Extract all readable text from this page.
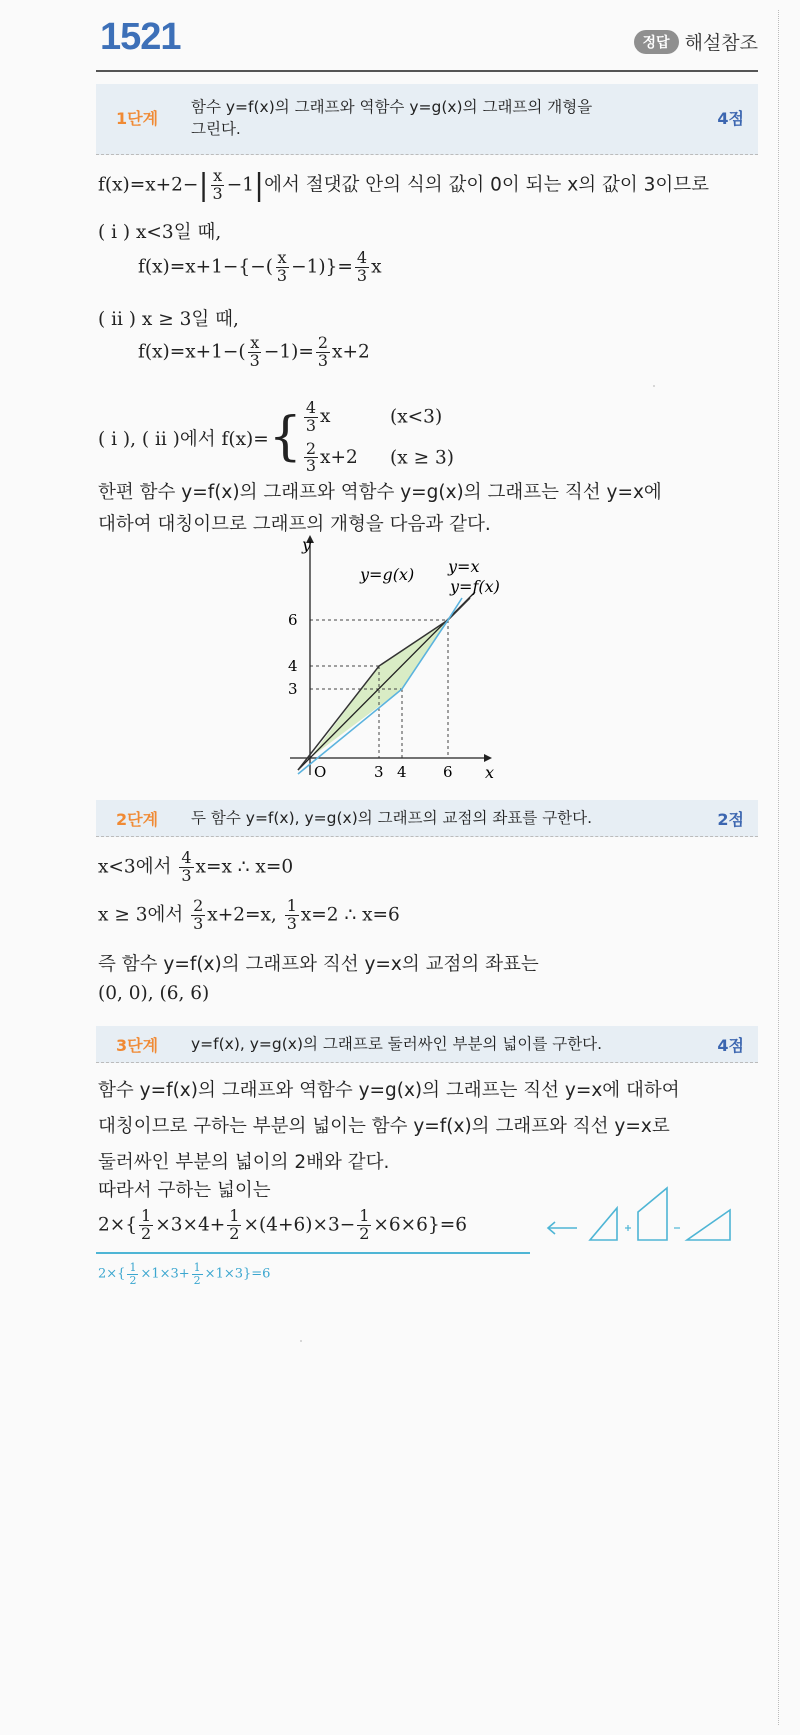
1521	정답 해설참조
1단계
함수 y=f(x)의 그래프와 역함수 y=g(x)의 그래프의 개형을
그린다.
4점
$f(x)=x+2-| \frac{x}{3} -1|$에서 절댓값 안의 식의 값이 0이 되는 x의 값이 3이므로
( i ) x<3일 때,
$f(x)=x+1-\{-( \frac{x}{3} -1)\}= \frac{4}{3}$ x
( ii ) x ≥ 3일 때,
$f(x)=x+1-( \frac{x}{3} -1)= \frac{2}{3} x+2$
( i ), ( ii )에서 $f(x)=\{ \frac{4}{3}$ x	(x<3)
$\frac{2}{3} x+2$ (x ≥ 3)
한편 함수 y=f(x)의 그래프와 역함수 y=g(x)의 그래프는 직선 y=x에
대하여 대칭이므로 그래프의 개형을 다음과 같다.
y
x
O
6
4
3
3 4 6
y=g(x) y=x
y=f(x)
2단계 두 함수 y=f(x), y=g(x)의 그래프의 교점의 좌표를 구한다.	2점
x<3에서 $\frac{4}{3} x=x$ ∴ x=0
x ≥ 3에서 $\frac{2}{3} x+2=x$, $\frac{1}{3} x=2$ ∴ x=6
즉 함수 y=f(x)의 그래프와 직선 y=x의 교점의 좌표는
(0, 0), (6, 6)
3단계 y=f(x), y=g(x)의 그래프로 둘러싸인 부분의 넓이를 구한다.	4점
함수 y=f(x)의 그래프와 역함수 y=g(x)의 그래프는 직선 y=x에 대하여
대칭이므로 구하는 부분의 넓이는 함수 y=f(x)의 그래프와 직선 y=x로
둘러싸인 부분의 넓이의 2배와 같다.
따라서 구하는 넓이는
$2\times\{ \frac{1}{2} \times 3\times 4+ \frac{1}{2} \times(4+6)\times 3- \frac{1}{2} \times 6\times 6\}=6$
$2\times\{ \frac{1}{2} \times 1\times 3+ \frac{1}{2} \times 1\times 3\}=6$
